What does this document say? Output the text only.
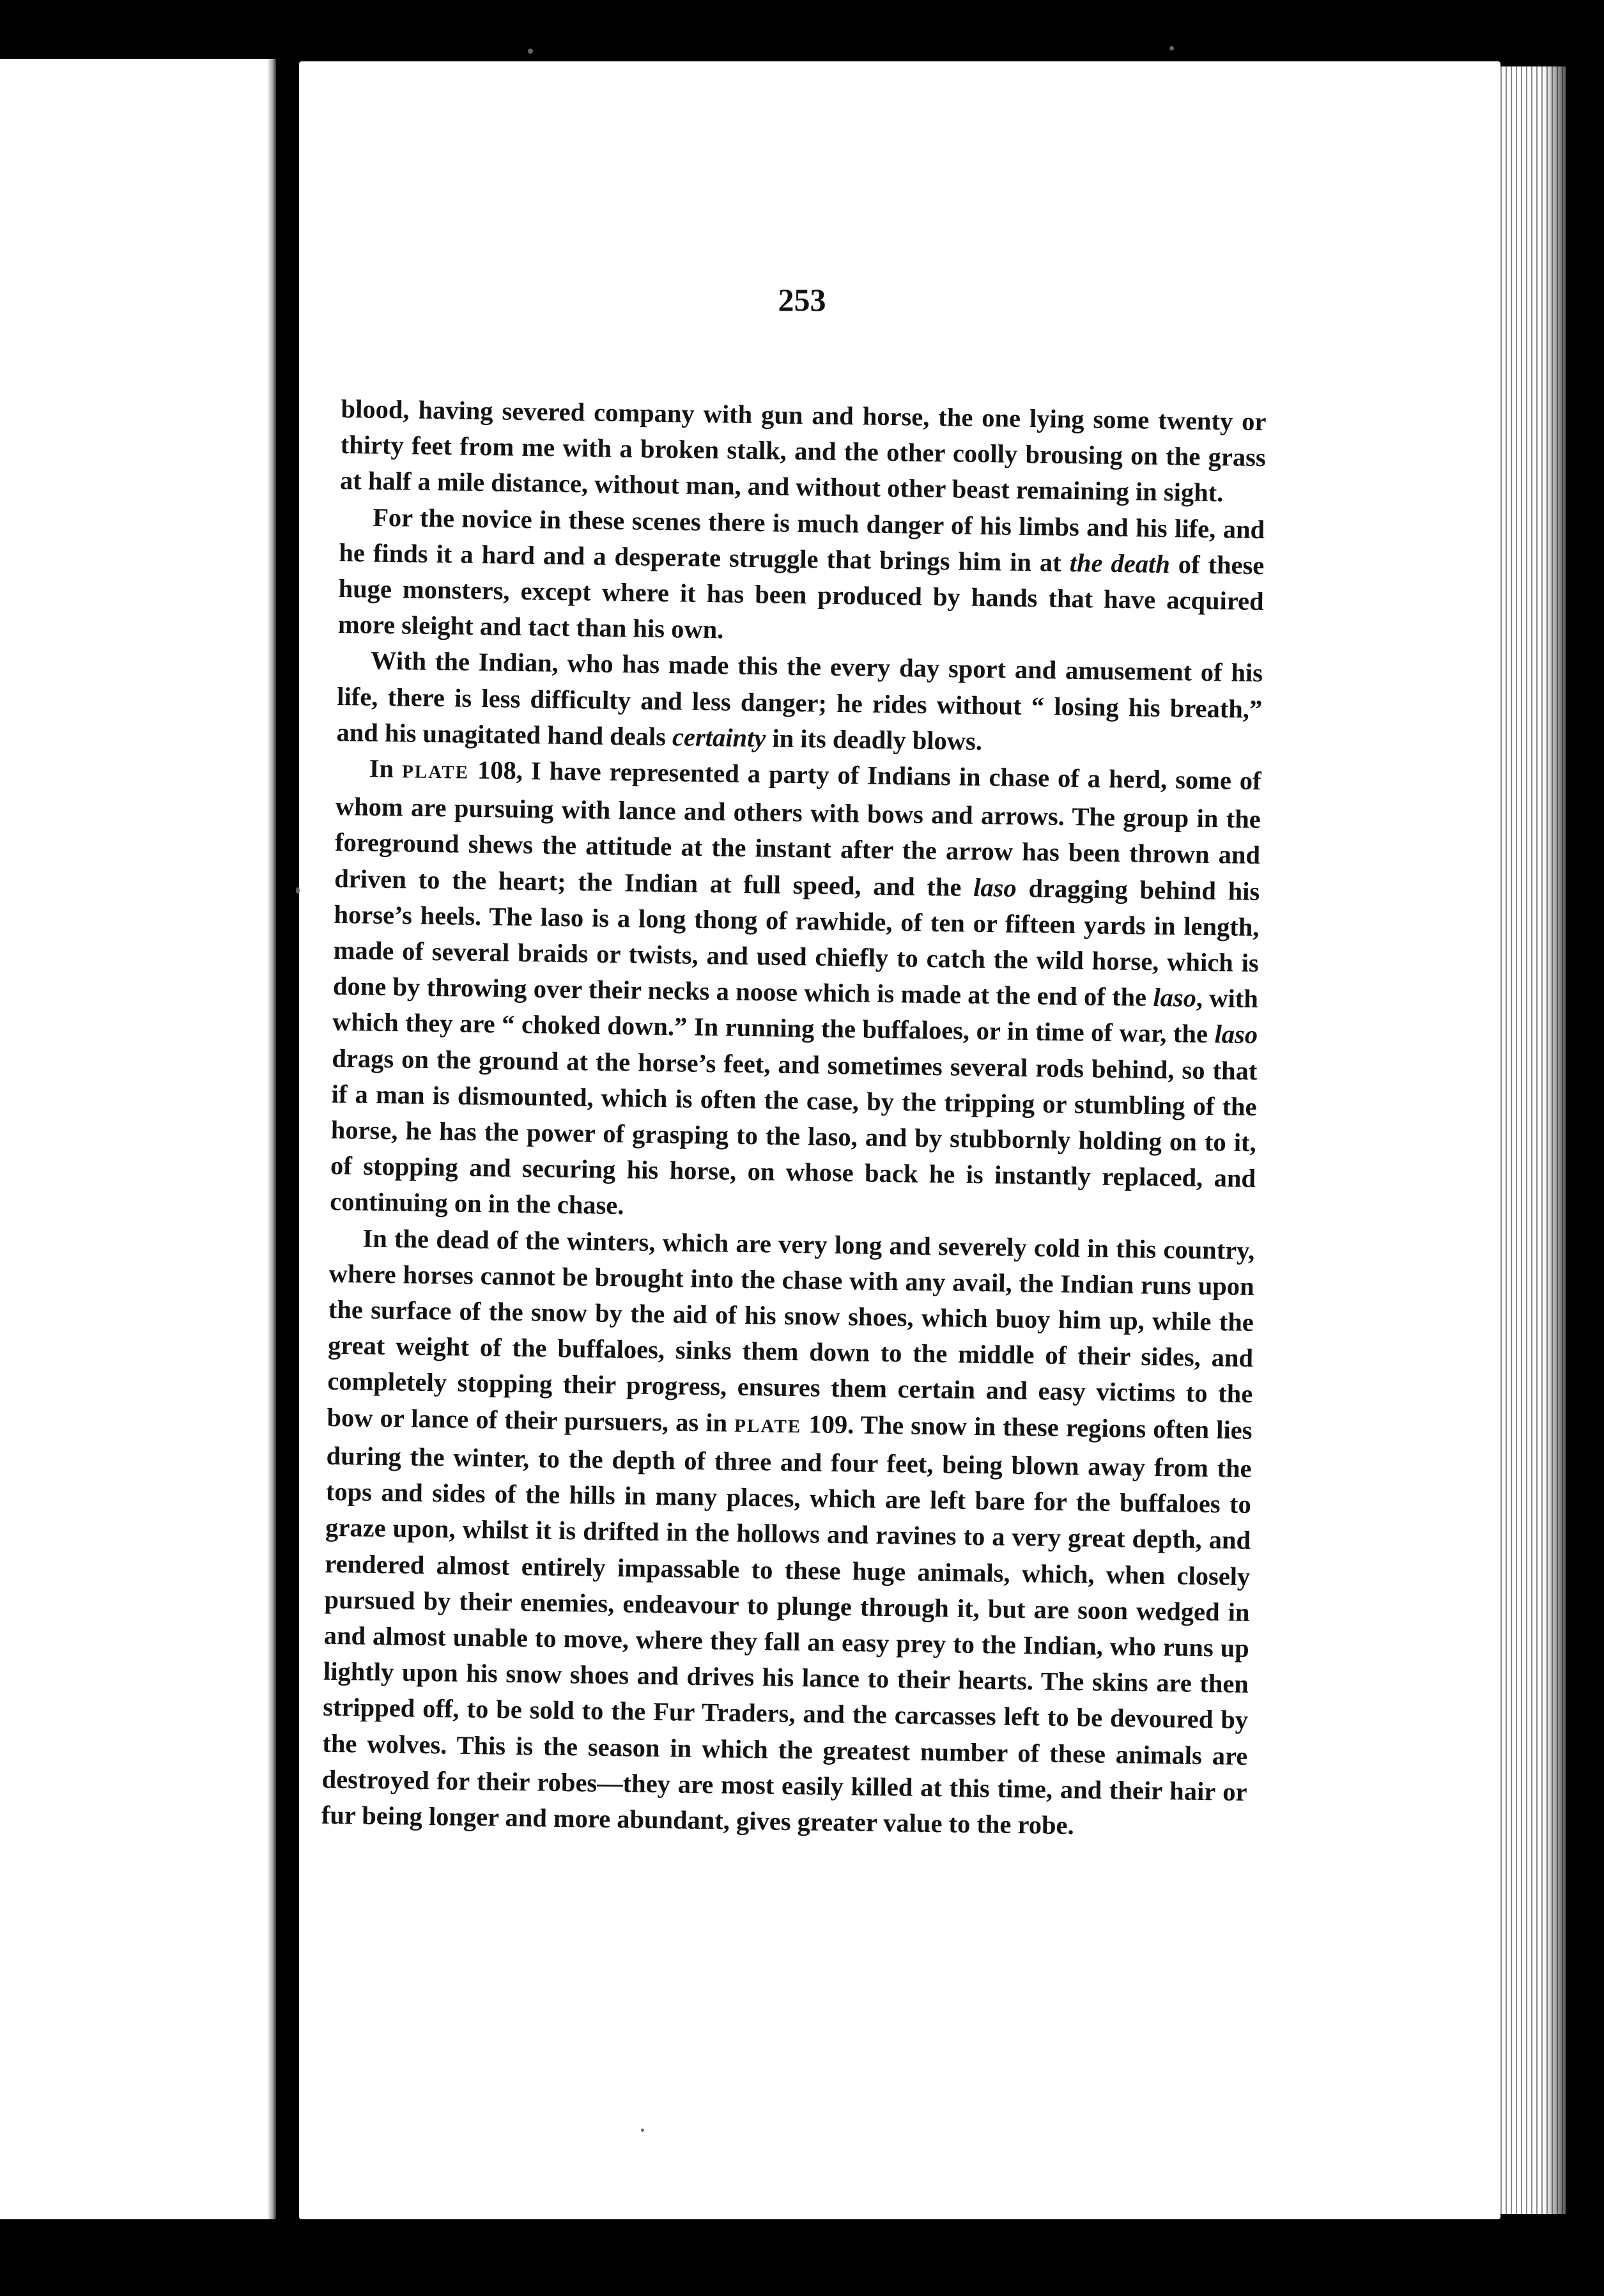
253

blood, having severed company with gun and horse, the one lying some twenty or thirty feet from me with a broken stalk, and the other coolly brousing on the grass at half a mile distance, without man, and without other beast remaining in sight.

For the novice in these scenes there is much danger of his limbs and his life, and he finds it a hard and a desperate struggle that brings him in at the death of these huge monsters, except where it has been produced by hands that have acquired more sleight and tact than his own.

With the Indian, who has made this the every day sport and amusement of his life, there is less difficulty and less danger; he rides without “ losing his breath,” and his unagitated hand deals certainty in its deadly blows.

In PLATE 108, I have represented a party of Indians in chase of a herd, some of whom are pursuing with lance and others with bows and arrows. The group in the foreground shews the attitude at the instant after the arrow has been thrown and driven to the heart; the Indian at full speed, and the laso dragging behind his horse’s heels. The laso is a long thong of rawhide, of ten or fifteen yards in length, made of several braids or twists, and used chiefly to catch the wild horse, which is done by throwing over their necks a noose which is made at the end of the laso, with which they are “ choked down.” In running the buffaloes, or in time of war, the laso drags on the ground at the horse’s feet, and sometimes several rods behind, so that if a man is dismounted, which is often the case, by the tripping or stumbling of the horse, he has the power of grasping to the laso, and by stubbornly holding on to it, of stopping and securing his horse, on whose back he is instantly replaced, and continuing on in the chase.

In the dead of the winters, which are very long and severely cold in this country, where horses cannot be brought into the chase with any avail, the Indian runs upon the surface of the snow by the aid of his snow shoes, which buoy him up, while the great weight of the buffaloes, sinks them down to the middle of their sides, and completely stopping their progress, ensures them certain and easy victims to the bow or lance of their pursuers, as in PLATE 109. The snow in these regions often lies during the winter, to the depth of three and four feet, being blown away from the tops and sides of the hills in many places, which are left bare for the buffaloes to graze upon, whilst it is drifted in the hollows and ravines to a very great depth, and rendered almost entirely impassable to these huge animals, which, when closely pursued by their enemies, endeavour to plunge through it, but are soon wedged in and almost unable to move, where they fall an easy prey to the Indian, who runs up lightly upon his snow shoes and drives his lance to their hearts. The skins are then stripped off, to be sold to the Fur Traders, and the carcasses left to be devoured by the wolves. This is the season in which the greatest number of these animals are destroyed for their robes—they are most easily killed at this time, and their hair or fur being longer and more abundant, gives greater value to the robe.
